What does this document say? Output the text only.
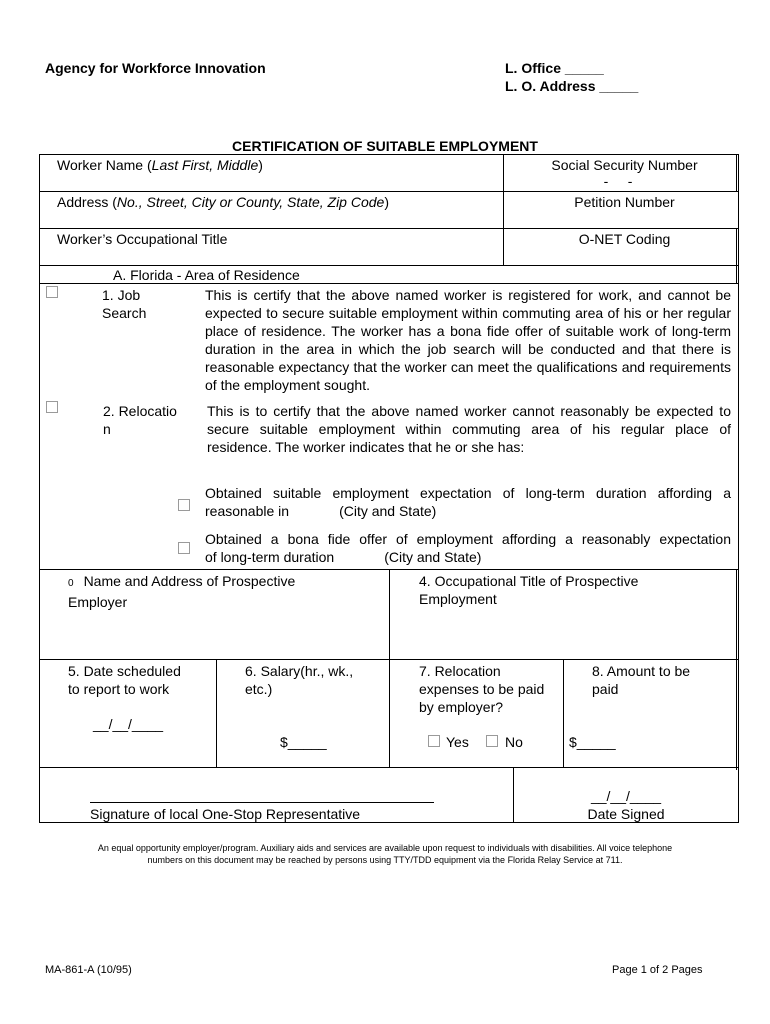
Agency for Workforce Innovation	L. Office _____
L. O. Address _____
CERTIFICATION OF SUITABLE EMPLOYMENT
Worker Name (Last First, Middle)	Social Security Number
-     -
Address (No., Street, City or County, State, Zip Code)	Petition Number
Worker’s Occupational Title	O-NET Coding
A. Florida - Area of Residence
1. Job
Search
This is certify that the above named worker is registered for work, and cannot be expected to secure suitable employment within commuting area of his or her regular place of residence. The worker has a bona fide offer of suitable work of long-term duration in the area in which the job search will be conducted and that there is reasonable expectancy that the worker can meet the qualifications and requirements of the employment sought.
2. Relocatio
n
This is to certify that the above named worker cannot reasonably be expected to secure suitable employment within commuting area of his regular place of residence. The worker indicates that he or she has:
Obtained suitable employment expectation of long-term duration affording a
reasonable in	(City and State)
Obtained a bona fide offer of employment affording a reasonably expectation
of long-term duration	(City and State)
0 Name and Address of Prospective
Employer
4. Occupational Title of Prospective
Employment
5. Date scheduled
to report to work
__/__/____
6. Salary(hr., wk.,
etc.)
$_____
7. Relocation
expenses to be paid
by employer?
Yes	No
8. Amount to be
paid
$_____
Signature of local One-Stop Representative
__/__/____
Date Signed
An equal opportunity employer/program. Auxiliary aids and services are available upon request to individuals with disabilities. All voice telephone
numbers on this document may be reached by persons using TTY/TDD equipment via the Florida Relay Service at 711.
MA-861-A (10/95)	Page 1 of 2 Pages
